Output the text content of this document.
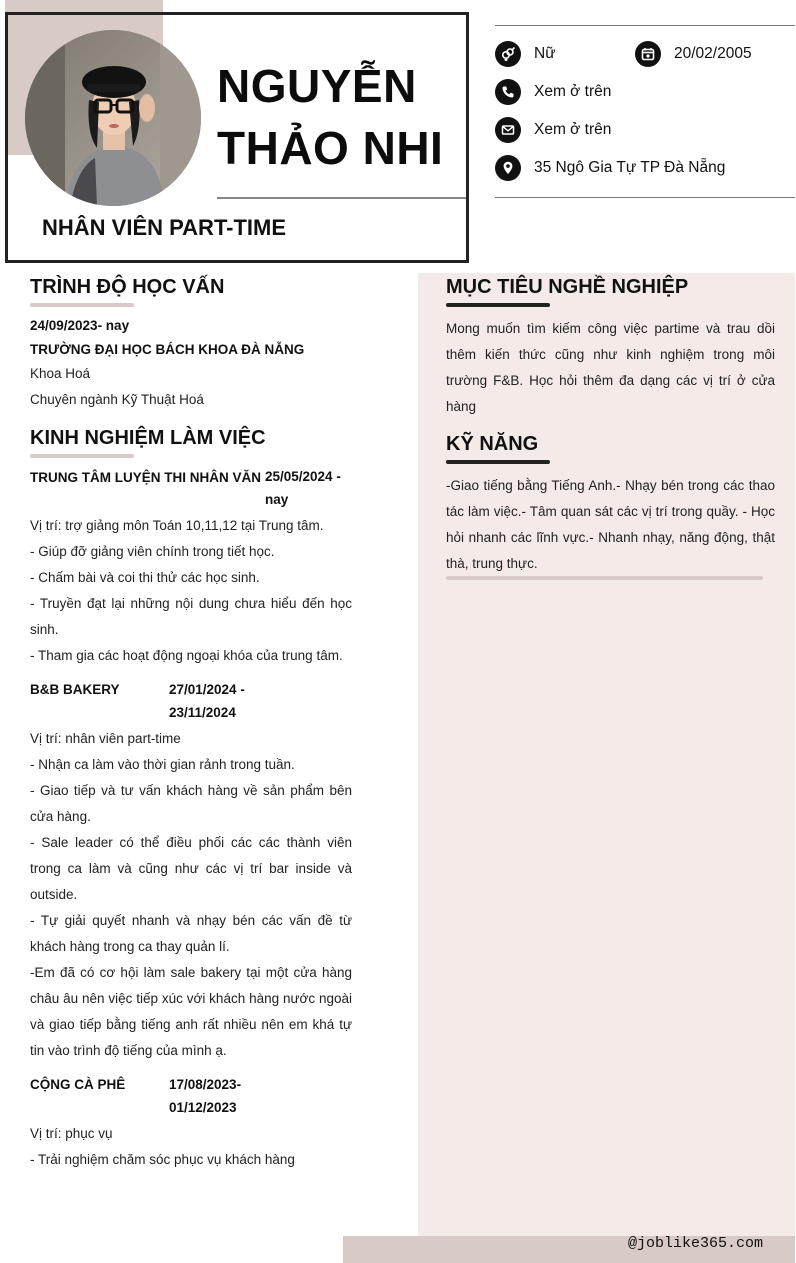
NGUYỄN
THẢO NHI
NHÂN VIÊN PART-TIME
Nữ	20/02/2005
Xem ở trên
Xem ở trên
35 Ngô Gia Tự TP Đà Nẵng
TRÌNH ĐỘ HỌC VẤN
24/09/2023- nay
TRƯỜNG ĐẠI HỌC BÁCH KHOA ĐÀ NẴNG
Khoa Hoá
Chuyên ngành Kỹ Thuật Hoá
KINH NGHIỆM LÀM VIỆC
TRUNG TÂM LUYỆN THI NHÂN VĂN 25/05/2024 -
nay
Vị trí: trợ giảng môn Toán 10,11,12 tại Trung tâm.
- Giúp đỡ giảng viên chính trong tiết học.
- Chấm bài và coi thi thử các học sinh.
- Truyền đạt lại những nội dung chưa hiểu đến học sinh.
- Tham gia các hoạt động ngoại khóa của trung tâm.
B&B BAKERY	27/01/2024 -
23/11/2024
Vị trí: nhân viên part-time
- Nhận ca làm vào thời gian rảnh trong tuần.
- Giao tiếp và tư vấn khách hàng về sản phẩm bên cửa hàng.
- Sale leader có thể điều phối các các thành viên trong ca làm và cũng như các vị trí bar inside và outside.
- Tự giải quyết nhanh và nhạy bén các vấn đề từ khách hàng trong ca thay quản lí.
-Em đã có cơ hội làm sale bakery tại một cửa hàng châu âu nên việc tiếp xúc với khách hàng nước ngoài và giao tiếp bằng tiếng anh rất nhiều nên em khá tự tin vào trình độ tiếng của mình ạ.
CỘNG CÀ PHÊ	17/08/2023-
01/12/2023
Vị trí: phục vụ
- Trải nghiệm chăm sóc phục vụ khách hàng
MỤC TIÊU NGHỀ NGHIỆP
Mong muốn tìm kiếm công việc partime và trau dồi thêm kiến thức cũng như kinh nghiệm trong môi trường F&B. Học hỏi thêm đa dạng các vị trí ở cửa hàng
KỸ NĂNG
-Giao tiếng bằng Tiếng Anh.- Nhạy bén trong các thao tác làm việc.- Tâm quan sát các vị trí trong quầy. - Học hỏi nhanh các lĩnh vực.- Nhanh nhạy, năng động, thật thà, trung thực.
@joblike365.com
